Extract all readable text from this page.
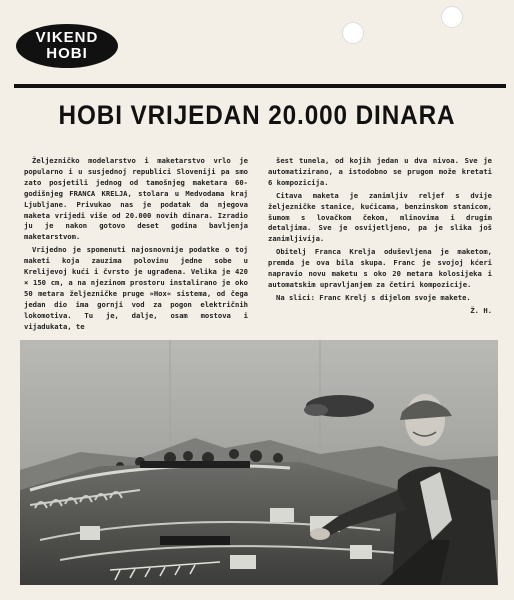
VIKEND
HOBI
HOBI VRIJEDAN 20.000 DINARA

Željezničko modelarstvo i maketarstvo vrlo je popularno i u susjednoj republici Sloveniji pa smo zato posjetili jednog od tamošnjeg maketara 60-godišnjeg FRANCA KRELJA, stolara u Medvodama kraj Ljubljane. Privukao nas je podatak da njegova maketa vrijedi više od 20.000 novih dinara. Izradio ju je nakon gotovo deset godina bavljenja maketarstvom.

Vrijedno je spomenuti najosnovnije podatke o toj maketi koja zauzima polovinu jedne sobe u Krelijevoj kući i čvrsto je ugrađena. Velika je 420 × 150 cm, a na njezinom prostoru instalirano je oko 50 metara željezničke pruge »Hox« sistema, od čega jedan dio ima gornji vod za pogon električnih lokomotiva. Tu je, dalje, osam mostova i vijadukata, te

šest tunela, od kojih jedan u dva nivoa. Sve je automatizirano, a istodobno se prugom može kretati 6 kompozicija.

Citava maketa je zanimljiv reljef s dvije željezničke stanice, kućicama, benzinskom stanicom, šumom s lovačkom čekom, mlinovima i drugim detaljima. Sve je osvijetljeno, pa je slika još zanimljivija.

Obitelj Franca Krelja oduševljena je maketom, premda je ova bila skupa. Franc je svojoj kćeri napravio novu maketu s oko 20 metara kolosijeka i automatskim upravljanjem za četiri kompozicije.

Na slici: Franc Krelj s dijelom svoje makete.

Ž. H.
